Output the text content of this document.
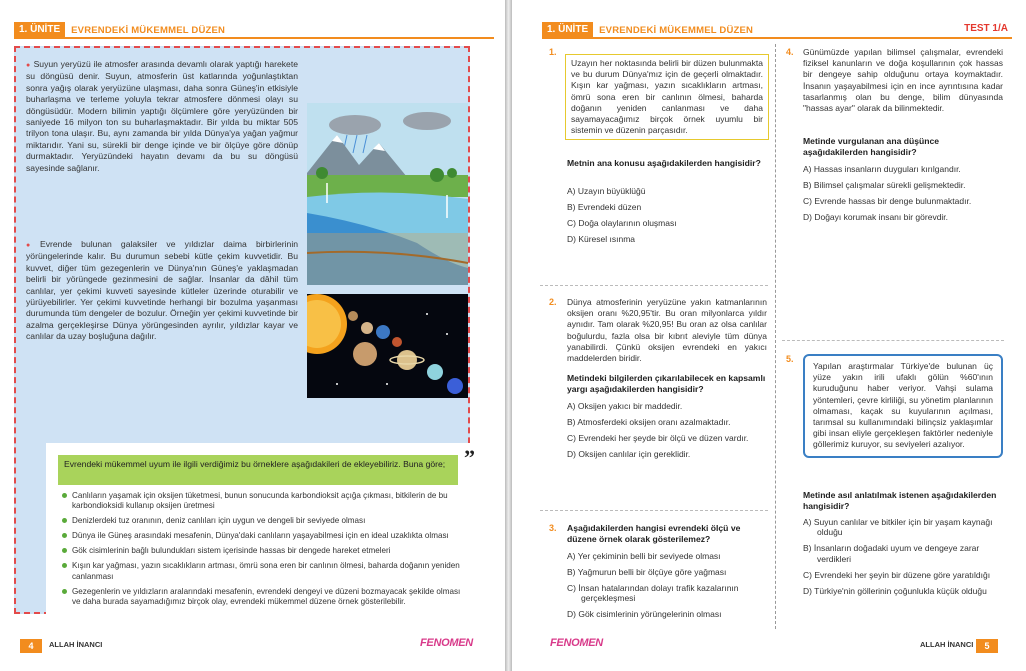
1. ÜNİTE	EVRENDEKİ MÜKEMMEL DÜZEN

● Suyun yeryüzü ile atmosfer arasında devamlı olarak yaptığı harekete su döngüsü denir. Suyun, atmosferin üst katlarında yoğunlaştıktan sonra yağış olarak yeryüzüne ulaşması, daha sonra Güneş'in etkisiyle buharlaşma ve terleme yoluyla tekrar atmosfere dönmesi olayı su döngüsüdür. Modern bilimin yaptığı ölçümlere göre yeryüzünden bir saniyede 16 milyon ton su buharlaşmaktadır. Bir yılda bu miktar 505 trilyon tona ulaşır. Bu, aynı zamanda bir yılda Dünya'ya yağan yağmur miktarıdır. Yani su, sürekli bir denge içinde ve bir ölçüye göre dönüp durmaktadır. Yeryüzündeki hayatın devamı da bu su döngüsü sayesinde sağlanır.

● Evrende bulunan galaksiler ve yıldızlar daima birbirlerinin yörüngelerinde kalır. Bu durumun sebebi kütle çekim kuvvetidir. Bu kuvvet, diğer tüm gezegenlerin ve Dünya'nın Güneş'e yaklaşmadan belirli bir yörüngede gezinmesini de sağlar. İnsanlar da dâhil tüm canlılar, yer çekimi kuvveti sayesinde kütleler üzerinde oturabilir ve yürüyebilirler. Yer çekimi kuvvetinde herhangi bir bozulma yaşanması durumunda tüm dengeler de bozulur. Örneğin yer çekimi kuvvetinde bir azalma gerçekleşirse Dünya yörüngesinden ayrılır, yıldızlar kayar ve canlılar da uzay boşluğuna dağılır.

Evrendeki mükemmel uyum ile ilgili verdiğimiz bu örneklere aşağıdakileri de ekleyebiliriz. Buna göre; ”
Canlıların yaşamak için oksijen tüketmesi, bunun sonucunda karbondioksit açığa çıkması, bitkilerin de bu karbondioksidi kullanıp oksijen üretmesi
Denizlerdeki tuz oranının, deniz canlıları için uygun ve dengeli bir seviyede olması
Dünya ile Güneş arasındaki mesafenin, Dünya'daki canlıların yaşayabilmesi için en ideal uzaklıkta olması
Gök cisimlerinin bağlı bulundukları sistem içerisinde hassas bir dengede hareket etmeleri
Kışın kar yağması, yazın sıcaklıkların artması, ömrü sona eren bir canlının ölmesi, baharda doğanın yeniden canlanması
Gezegenlerin ve yıldızların aralarındaki mesafenin, evrendeki dengeyi ve düzeni bozmayacak şekilde olması ve daha burada sayamadığımız birçok olay, evrendeki mükemmel düzene örnek gösterilebilir.
4	ALLAH İNANCI	FENOMEN
1. ÜNİTE	EVRENDEKİ MÜKEMMEL DÜZEN	TEST 1/A
1.
Uzayın her noktasında belirli bir düzen bulunmakta ve bu durum Dünya'mız için de geçerli olmaktadır. Kışın kar yağması, yazın sıcaklıkların artması, ömrü sona eren bir canlının ölmesi, baharda doğanın yeniden canlanması ve daha sayamayacağımız birçok örnek uyumlu bir sistemin ve düzenin parçasıdır.
Metnin ana konusu aşağıdakilerden hangisidir?
A) Uzayın büyüklüğü
B) Evrendeki düzen
C) Doğa olaylarının oluşması
D) Küresel ısınma
2. Dünya atmosferinin yeryüzüne yakın katmanlarının oksijen oranı %20,95'tir. Bu oran milyonlarca yıldır aynıdır. Tam olarak %20,95! Bu oran az olsa canlılar boğulurdu, fazla olsa bir kıbrıt aleviyle tüm dünya yanabilirdi. Çünkü oksijen evrendeki en yakıcı maddelerden biridir.
Metindeki bilgilerden çıkarılabilecek en kapsamlı yargı aşağıdakilerden hangisidir?
A) Oksijen yakıcı bir maddedir.
B) Atmosferdeki oksijen oranı azalmaktadır.
C) Evrendeki her şeyde bir ölçü ve düzen vardır.
D) Oksijen canlılar için gereklidir.
3. Aşağıdakilerden hangisi evrendeki ölçü ve düzene örnek olarak gösterilemez?
A) Yer çekiminin belli bir seviyede olması
B) Yağmurun belli bir ölçüye göre yağması
C) İnsan hatalarından dolayı trafik kazalarının gerçekleşmesi
D) Gök cisimlerinin yörüngelerinin olması
4. Günümüzde yapılan bilimsel çalışmalar, evrendeki fiziksel kanunların ve doğa koşullarının çok hassas bir dengeye sahip olduğunu ortaya koymaktadır. İnsanın yaşayabilmesi için en ince ayrıntısına kadar tasarlanmış olan bu denge, bilim dünyasında "hassas ayar" olarak da bilinmektedir.
Metinde vurgulanan ana düşünce aşağıdakilerden hangisidir?
A) Hassas insanların duyguları kırılgandır.
B) Bilimsel çalışmalar sürekli gelişmektedir.
C) Evrende hassas bir denge bulunmaktadır.
D) Doğayı korumak insanı bir görevdir.
5.
Yapılan araştırmalar Türkiye'de bulunan üç yüze yakın irili ufaklı gölün %60'ının kuruduğunu haber veriyor. Vahşi sulama yöntemleri, çevre kirliliği, su yönetim planlarının olmaması, kaçak su kuyularının açılması, tarımsal su kullanımındaki bilinçsiz yaklaşımlar gibi insan eliyle gerçekleşen faktörler nedeniyle göllerimiz kuruyor, su seviyeleri azalıyor.
Metinde asıl anlatılmak istenen aşağıdakilerden hangisidir?
A) Suyun canlılar ve bitkiler için bir yaşam kaynağı olduğu
B) İnsanların doğadaki uyum ve dengeye zarar verdikleri
C) Evrendeki her şeyin bir düzene göre yaratıldığı
D) Türkiye'nin göllerinin çoğunlukla küçük olduğu
FENOMEN	ALLAH İNANCI	5
